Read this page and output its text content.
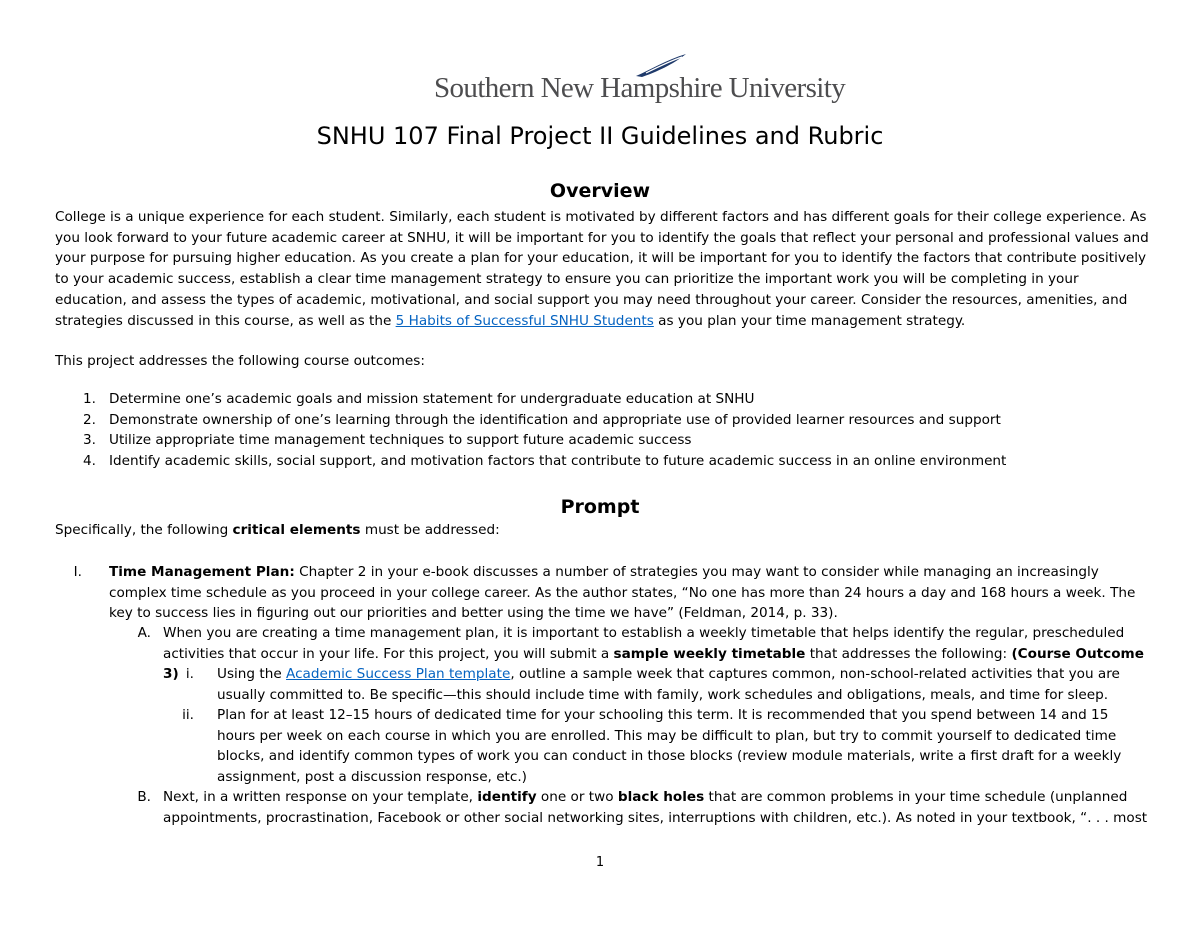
Southern New Hampshire University
SNHU 107 Final Project II Guidelines and Rubric
Overview

College is a unique experience for each student. Similarly, each student is motivated by different factors and has different goals for their college experience. As you look forward to your future academic career at SNHU, it will be important for you to identify the goals that reflect your personal and professional values and your purpose for pursuing higher education. As you create a plan for your education, it will be important for you to identify the factors that contribute positively to your academic success, establish a clear time management strategy to ensure you can prioritize the important work you will be completing in your education, and assess the types of academic, motivational, and social support you may need throughout your career. Consider the resources, amenities, and strategies discussed in this course, as well as the 5 Habits of Successful SNHU Students as you plan your time management strategy.

This project addresses the following course outcomes:

1. Determine one’s academic goals and mission statement for undergraduate education at SNHU
2. Demonstrate ownership of one’s learning through the identification and appropriate use of provided learner resources and support
3. Utilize appropriate time management techniques to support future academic success
4. Identify academic skills, social support, and motivation factors that contribute to future academic success in an online environment
Prompt

Specifically, the following critical elements must be addressed:

I. Time Management Plan: Chapter 2 in your e-book discusses a number of strategies you may want to consider while managing an increasingly complex time schedule as you proceed in your college career. As the author states, “No one has more than 24 hours a day and 168 hours a week. The key to success lies in figuring out our priorities and better using the time we have” (Feldman, 2014, p. 33).

A. When you are creating a time management plan, it is important to establish a weekly timetable that helps identify the regular, prescheduled activities that occur in your life. For this project, you will submit a sample weekly timetable that addresses the following: (Course Outcome 3) i. Using the Academic Success Plan template, outline a sample week that captures common, non-school-related activities that you are usually committed to. Be specific—this should include time with family, work schedules and obligations, meals, and time for sleep.

ii. Plan for at least 12–15 hours of dedicated time for your schooling this term. It is recommended that you spend between 14 and 15 hours per week on each course in which you are enrolled. This may be difficult to plan, but try to commit yourself to dedicated time blocks, and identify common types of work you can conduct in those blocks (review module materials, write a first draft for a weekly assignment, post a discussion response, etc.)

B. Next, in a written response on your template, identify one or two black holes that are common problems in your time schedule (unplanned appointments, procrastination, Facebook or other social networking sites, interruptions with children, etc.). As noted in your textbook, “. . . most

1
